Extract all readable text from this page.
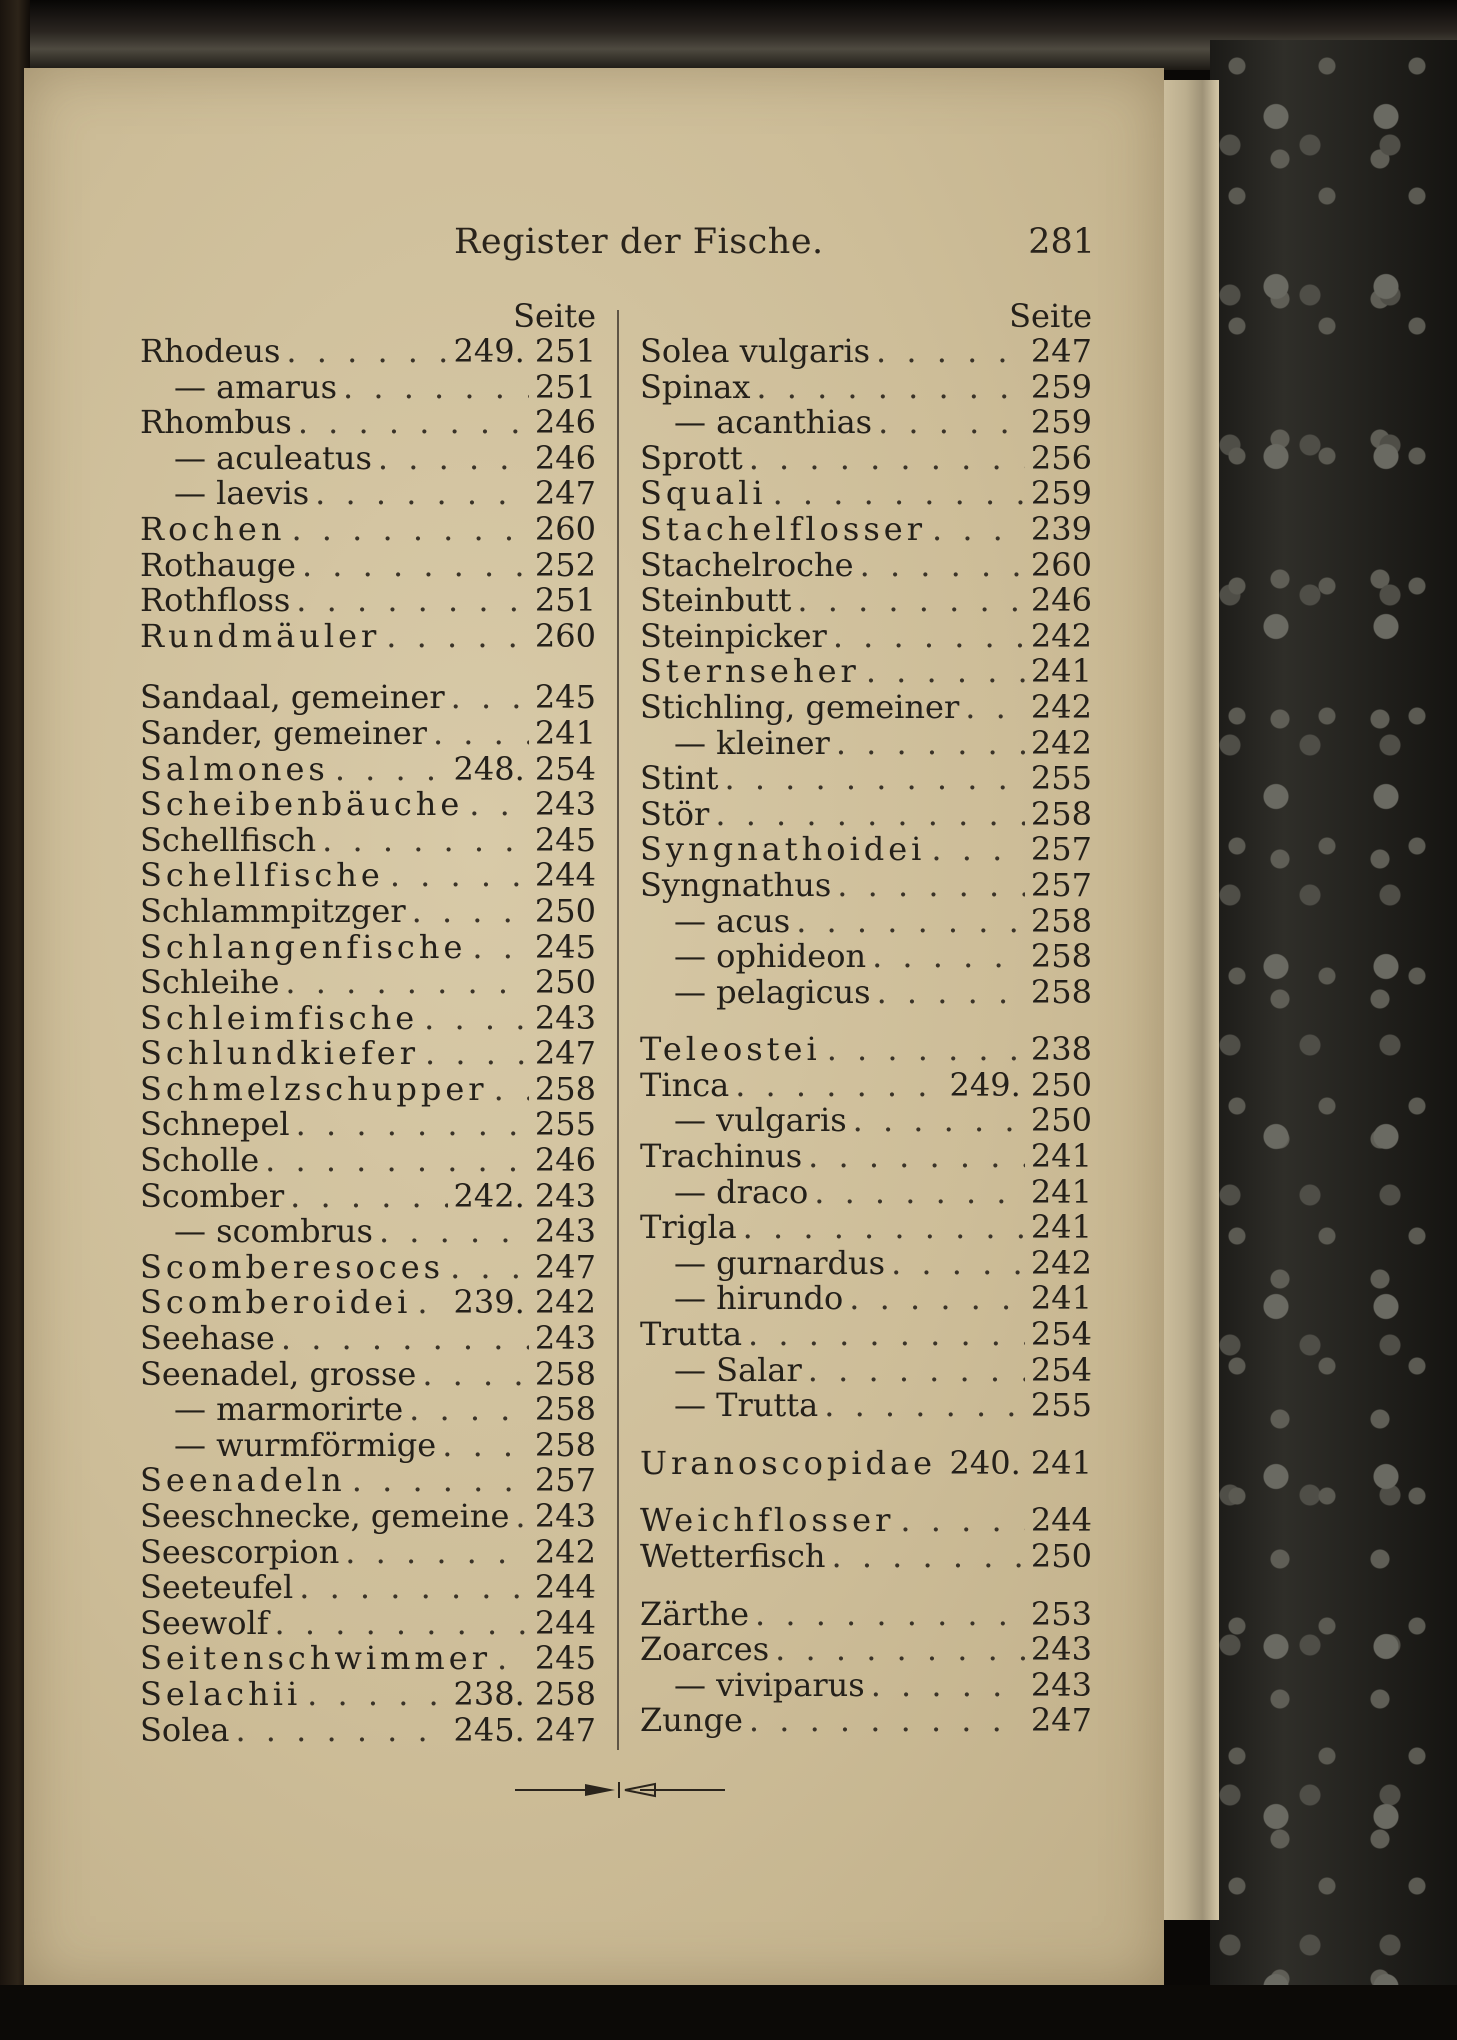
Register der Fische.	281
Seite
Rhodeus . . .	249. 251
— amarus . . .	251
Rhombus . . .	246
— aculeatus . . .	246
— laevis . . .	247
Rochen . . .	260
Rothauge . . .	252
Rothfloss . . .	251
Rundmäuler . . .	260
Sandaal, gemeiner . . .	245
Sander, gemeiner . . .	241
Salmones . . .	248. 254
Scheibenbäuche . . . 243
Schellfisch . . .	245
Schellfische . . .	244
Schlammpitzger . . .	250
Schlangenfische . . . 245
Schleihe . . .	250
Schleimfische . . .	243
Schlundkiefer . . .	247
Schmelzschupper . . . 258
Schnepel . . .	255
Scholle . . .	246
Scomber . . .	242. 243
— scombrus . . .	243
Scomberesoces . . .	247
Scomberoidei . . . 239. 242
Seehase . . .	243
Seenadel, grosse . . .	258
— marmorirte . . .	258
— wurmförmige . . .	258
Seenadeln . . .	257
Seeschnecke, gemeine . . . 243
Seescorpion . . .	242
Seeteufel . . .	244
Seewolf . . .	244
Seitenschwimmer . . . 245
Selachii . . .	238. 258
Solea . . .	245. 247
Seite
Solea vulgaris . . .	247
Spinax . . .	259
— acanthias . . .	259
Sprott . . .	256
Squali . . .	259
Stachelflosser . . .	239
Stachelroche . . .	260
Steinbutt . . .	246
Steinpicker . . .	242
Sternseher . . .	241
Stichling, gemeiner . . . 242
— kleiner . . .	242
Stint . . .	255
Stör . . .	258
Syngnathoidei . . .	257
Syngnathus . . .	257
— acus . . .	258
— ophideon . . .	258
— pelagicus . . .	258
Teleostei . . .	238
Tinca . . .	249. 250
— vulgaris . . .	250
Trachinus . . .	241
— draco . . .	241
Trigla . . .	241
— gurnardus . . .	242
— hirundo . . .	241
Trutta . . .	254
— Salar . . .	254
— Trutta . . .	255
Uranoscopidae . . . 240. 241
Weichflosser . . .	244
Wetterfisch . . .	250
Zärthe . . .	253
Zoarces . . .	243
— viviparus . . .	243
Zunge . . .	247
